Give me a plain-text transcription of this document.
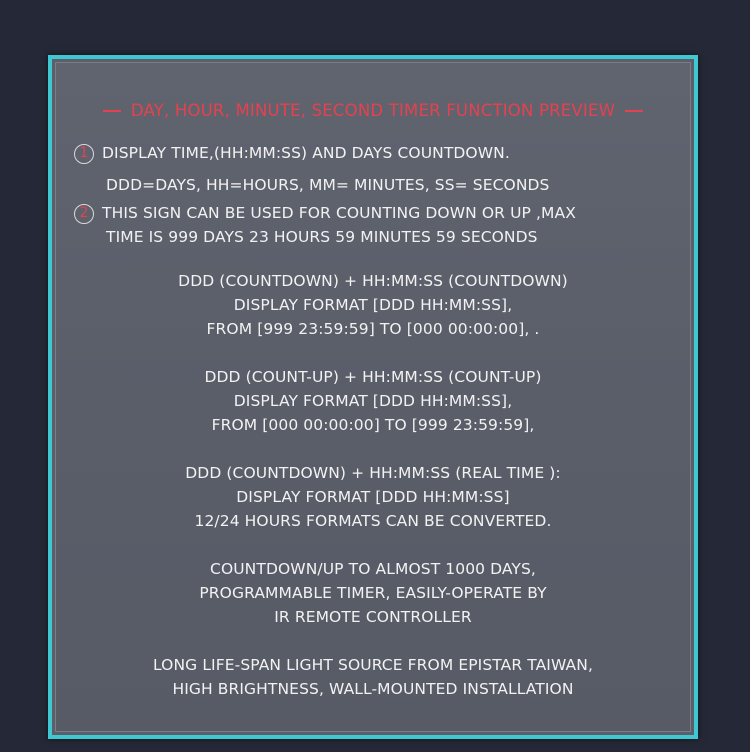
DAY, HOUR, MINUTE, SECOND TIMER FUNCTION PREVIEW
1 DISPLAY TIME,(HH:MM:SS) AND DAYS COUNTDOWN.
DDD=DAYS, HH=HOURS, MM= MINUTES, SS= SECONDS
2 THIS SIGN CAN BE USED FOR COUNTING DOWN OR UP ,MAX
TIME IS 999 DAYS 23 HOURS 59 MINUTES 59 SECONDS
DDD (COUNTDOWN) + HH:MM:SS (COUNTDOWN)
DISPLAY FORMAT [DDD HH:MM:SS],
FROM [999 23:59:59] TO [000 00:00:00], .
DDD (COUNT-UP) + HH:MM:SS (COUNT-UP)
DISPLAY FORMAT [DDD HH:MM:SS],
FROM [000 00:00:00] TO [999 23:59:59],
DDD (COUNTDOWN) + HH:MM:SS (REAL TIME ):
DISPLAY FORMAT [DDD HH:MM:SS]
12/24 HOURS FORMATS CAN BE CONVERTED.
COUNTDOWN/UP TO ALMOST 1000 DAYS,
PROGRAMMABLE TIMER, EASILY-OPERATE BY
IR REMOTE CONTROLLER
LONG LIFE-SPAN LIGHT SOURCE FROM EPISTAR TAIWAN,
HIGH BRIGHTNESS, WALL-MOUNTED INSTALLATION
